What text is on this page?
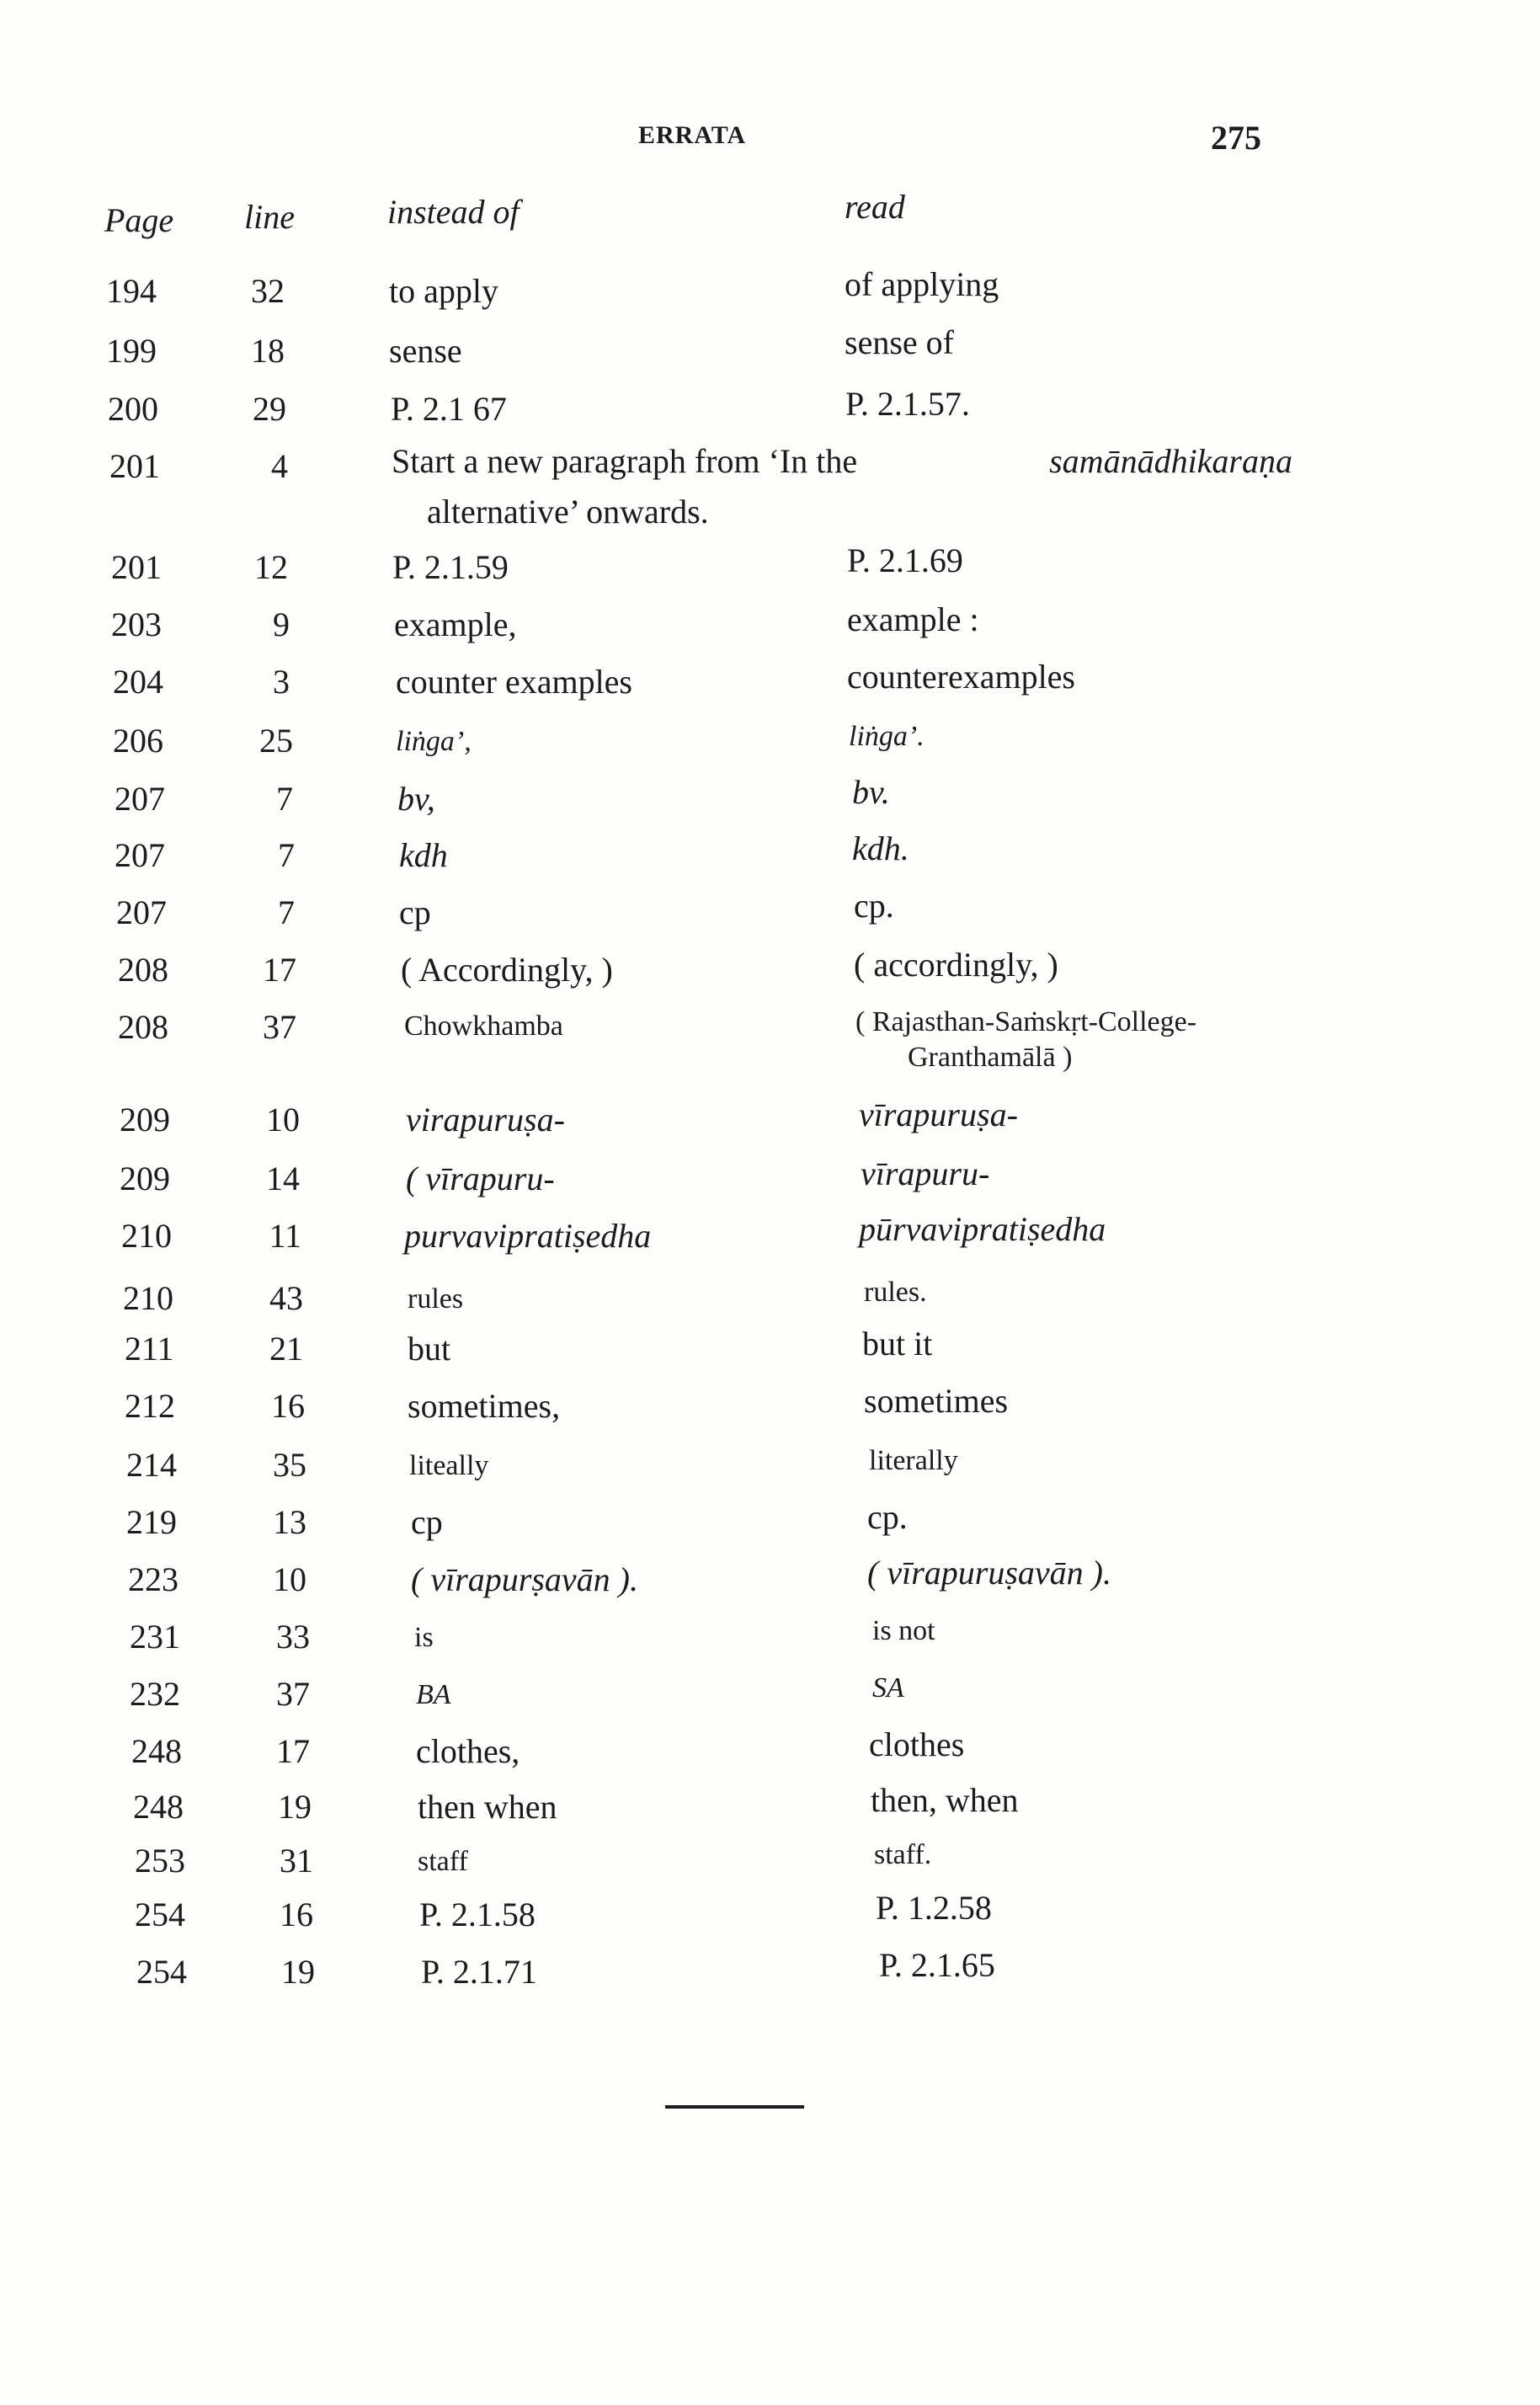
ERRATA	275
Page line	instead of	read
194	32	to apply	of applying
199	18	sense	sense of
200	29	P. 2.1 67	P. 2.1.57.
201	4	Start a new paragraph from ‘In the	samānādhikaraṇa
alternative’ onwards.
201	12	P. 2.1.59	P. 2.1.69
203	9	example,	example :
204	3	counter examples	counterexamples
206	25	liṅga’,	liṅga’.
207	7	bv,	bv.
207	7	kdh	kdh.
207	7	cp	cp.
208	17	( Accordingly, )	( accordingly, )
208	37	Chowkhamba	( Rajasthan-Saṁskṛt-College-
Granthamālā )
209	10	virapuruṣa-	vīrapuruṣa-
209	14	( vīrapuru-	vīrapuru-
210	11	purvavipratiṣedha	pūrvavipratiṣedha
210	43	rules	rules.
211	21	but	but it
212	16	sometimes,	sometimes
214	35	liteally	literally
219	13	cp	cp.
223	10	( vīrapurṣavān ).	( vīrapuruṣavān ).
231	33	is	is not
232	37	BA	SA
248	17	clothes,	clothes
248	19	then when	then, when
253	31	staff	staff.
254	16	P. 2.1.58	P. 1.2.58
254	19	P. 2.1.71	P. 2.1.65
